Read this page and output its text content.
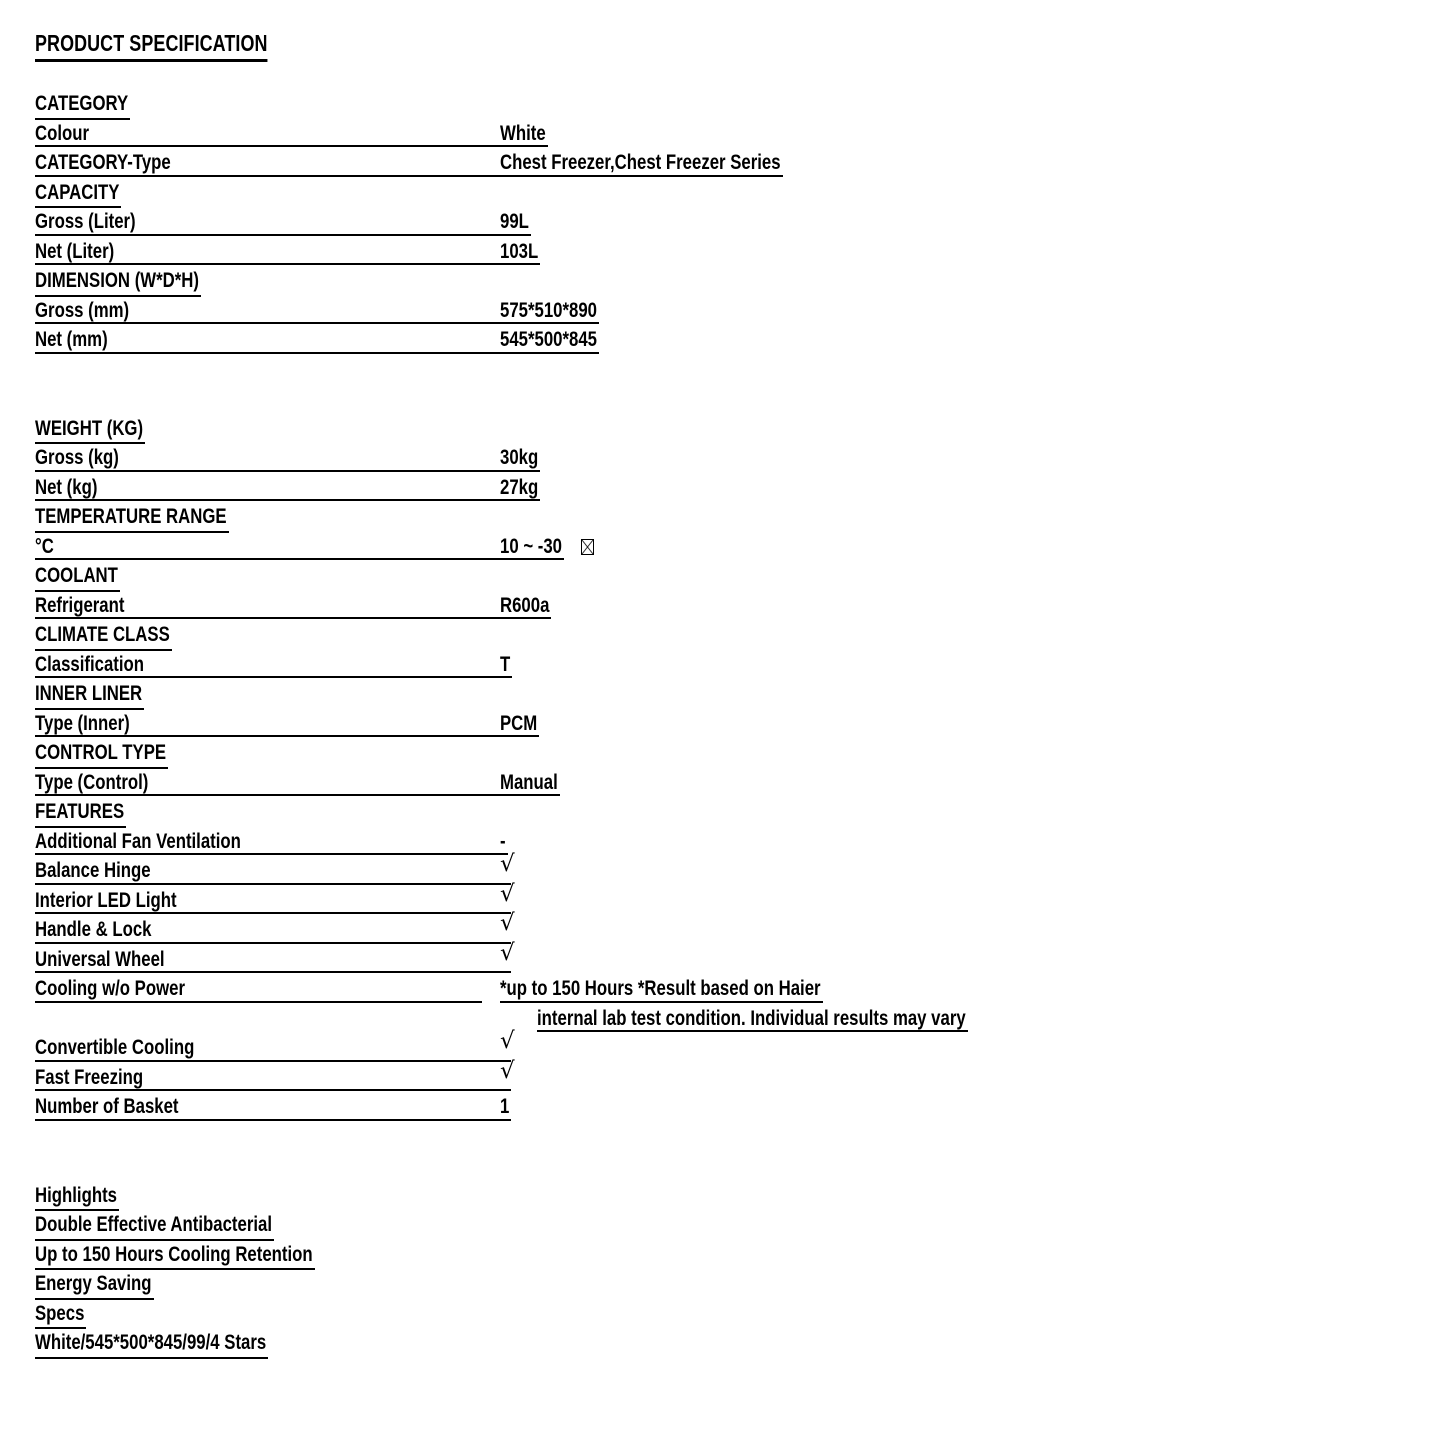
PRODUCT SPECIFICATION
CATEGORY
Colour	White
CATEGORY-Type	Chest Freezer,Chest Freezer Series
CAPACITY
Gross (Liter)	99L
Net (Liter)	103L
DIMENSION (W*D*H)
Gross (mm)	575*510*890
Net (mm)	545*500*845
WEIGHT (KG)
Gross (kg)	30kg
Net (kg)	27kg
TEMPERATURE RANGE
°C	10 ~ -30
COOLANT
Refrigerant	R600a
CLIMATE CLASS
Classification	T
INNER LINER
Type (Inner)	PCM
CONTROL TYPE
Type (Control)	Manual
FEATURES
Additional Fan Ventilation	-
Balance Hinge	√
Interior LED Light	√
Handle & Lock	√
Universal Wheel	√
Cooling w/o Power	*up to 150 Hours *Result based on Haier
internal lab test condition. Individual results may vary
Convertible Cooling	√
Fast Freezing	√
Number of Basket	1
Highlights
Double Effective Antibacterial
Up to 150 Hours Cooling Retention
Energy Saving
Specs
White/545*500*845/99/4 Stars
